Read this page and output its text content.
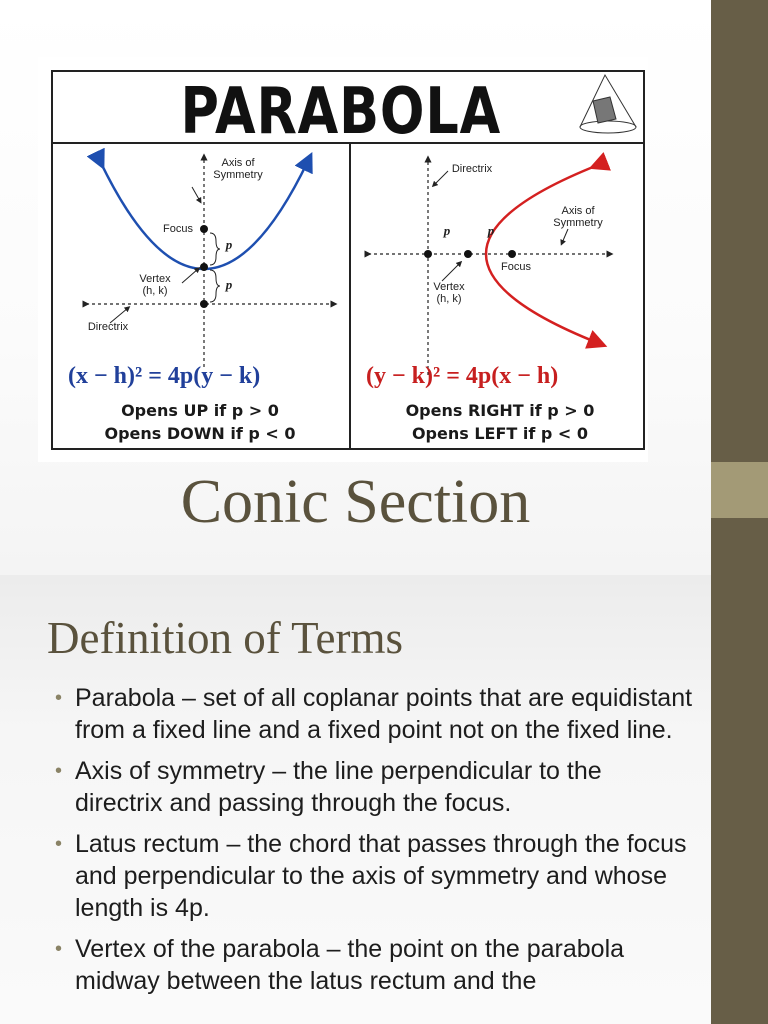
PARABOLA
Axis of Symmetry
Focus
Vertex
(h, k)
Directrix
p
p
(x − h)² = 4p(y − k)
Opens UP if p > 0
Opens DOWN if p < 0
Directrix
Axis of Symmetry
Focus
Vertex
(h, k)
p	p
(y − k)² = 4p(x − h)
Opens RIGHT if p > 0
Opens LEFT if p < 0
Conic Section
Definition of Terms
• Parabola – set of all coplanar points that are equidistant from a fixed line and a fixed point not on the fixed line.
• Axis of symmetry – the line perpendicular to the directrix and passing through the focus.
• Latus rectum – the chord that passes through the focus and perpendicular to the axis of symmetry and whose length is 4p.
• Vertex of the parabola – the point on the parabola midway between the latus rectum and the
